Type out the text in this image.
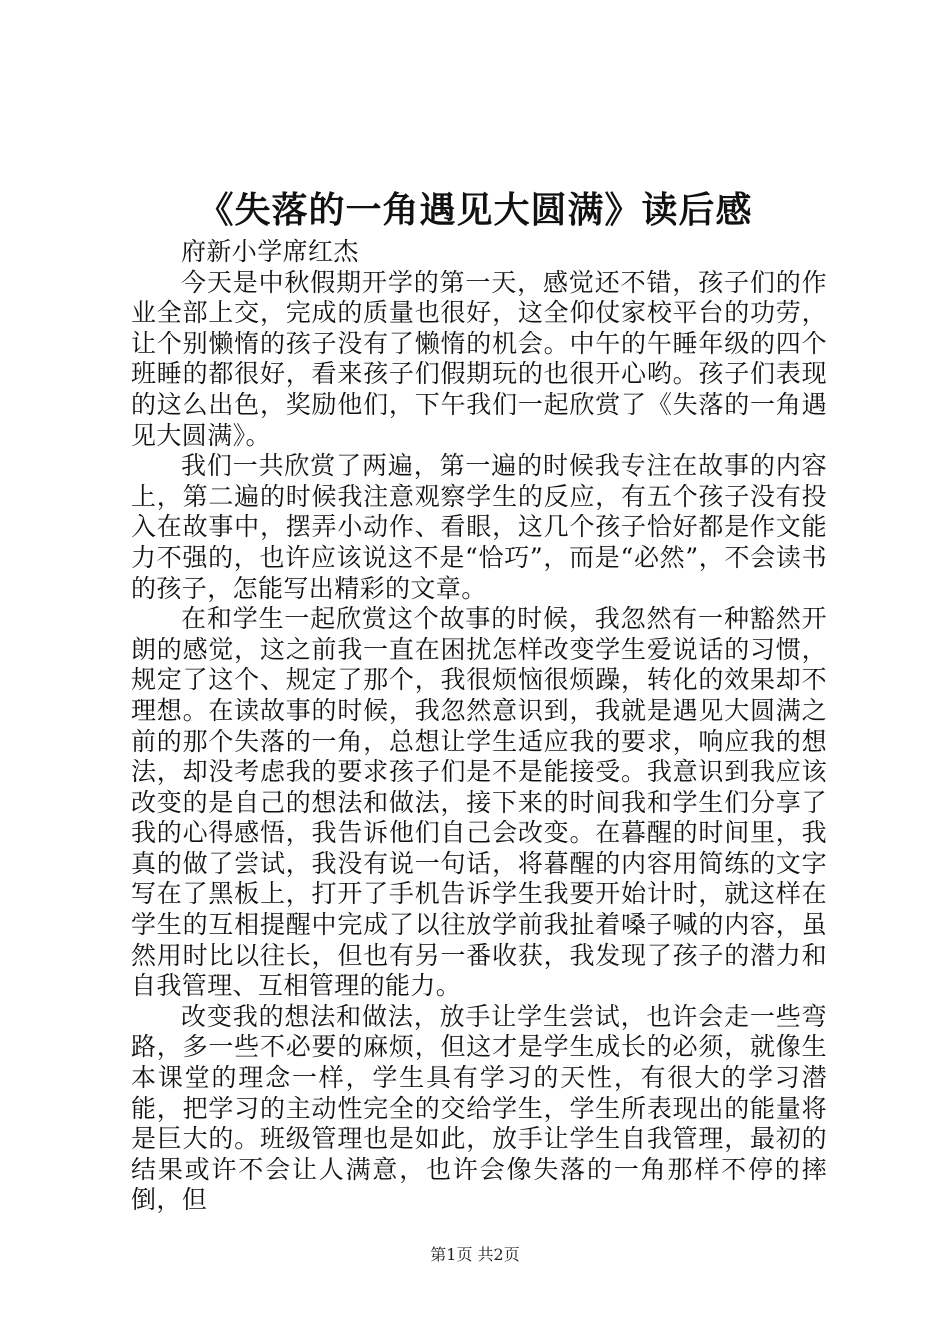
《失落的一角遇见大圆满》读后感

府新小学席红杰

今天是中秋假期开学的第一天，感觉还不错，孩子们的作业全部上交，完成的质量也很好，这全仰仗家校平台的功劳，让个别懒惰的孩子没有了懒惰的机会。中午的午睡年级的四个班睡的都很好，看来孩子们假期玩的也很开心哟。孩子们表现的这么出色，奖励他们，下午我们一起欣赏了《失落的一角遇见大圆满》。

我们一共欣赏了两遍，第一遍的时候我专注在故事的内容上，第二遍的时候我注意观察学生的反应，有五个孩子没有投入在故事中，摆弄小动作、看眼，这几个孩子恰好都是作文能力不强的，也许应该说这不是“恰巧”，而是“必然”，不会读书的孩子，怎能写出精彩的文章。

在和学生一起欣赏这个故事的时候，我忽然有一种豁然开朗的感觉，这之前我一直在困扰怎样改变学生爱说话的习惯，规定了这个、规定了那个，我很烦恼很烦躁，转化的效果却不理想。在读故事的时候，我忽然意识到，我就是遇见大圆满之前的那个失落的一角，总想让学生适应我的要求，响应我的想法，却没考虑我的要求孩子们是不是能接受。我意识到我应该改变的是自己的想法和做法，接下来的时间我和学生们分享了我的心得感悟，我告诉他们自己会改变。在暮醒的时间里，我真的做了尝试，我没有说一句话，将暮醒的内容用简练的文字写在了黑板上，打开了手机告诉学生我要开始计时，就这样在学生的互相提醒中完成了以往放学前我扯着嗓子喊的内容，虽然用时比以往长，但也有另一番收获，我发现了孩子的潜力和自我管理、互相管理的能力。

改变我的想法和做法，放手让学生尝试，也许会走一些弯路，多一些不必要的麻烦，但这才是学生成长的必须，就像生本课堂的理念一样，学生具有学习的天性，有很大的学习潜能，把学习的主动性完全的交给学生，学生所表现出的能量将是巨大的。班级管理也是如此，放手让学生自我管理，最初的结果或许不会让人满意，也许会像失落的一角那样不停的摔倒，但

第1页 共2页
